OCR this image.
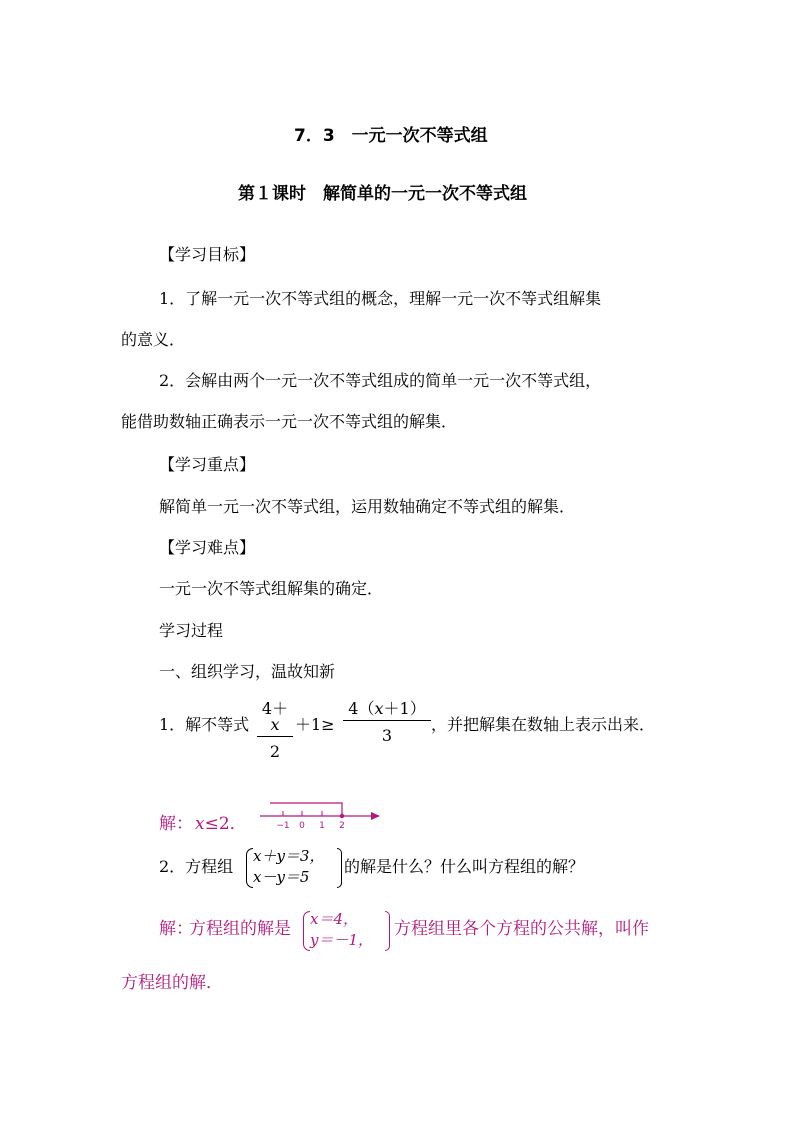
7．3　一元一次不等式组
第１课时　解简单的一元一次不等式组
【学习目标】
1．了解一元一次不等式组的概念，理解一元一次不等式组解集
的意义．
2．会解由两个一元一次不等式组成的简单一元一次不等式组，
能借助数轴正确表示一元一次不等式组的解集．
【学习重点】
解简单一元一次不等式组，运用数轴确定不等式组的解集．
【学习难点】
一元一次不等式组解集的确定．
学习过程
一、组织学习，温故知新
1．解不等式
4＋x
2
＋1≥
4（x＋1）
3
，并把解集在数轴上表示出来．
解： x≤2．	−1 0 1 2
2．方程组
x＋y＝3，
x－y＝5
的解是什么？什么叫方程组的解？
解：
方程组的解是 x＝4，
y＝－1，
方程组里各个方程的公共解，叫作
方程组的解．
